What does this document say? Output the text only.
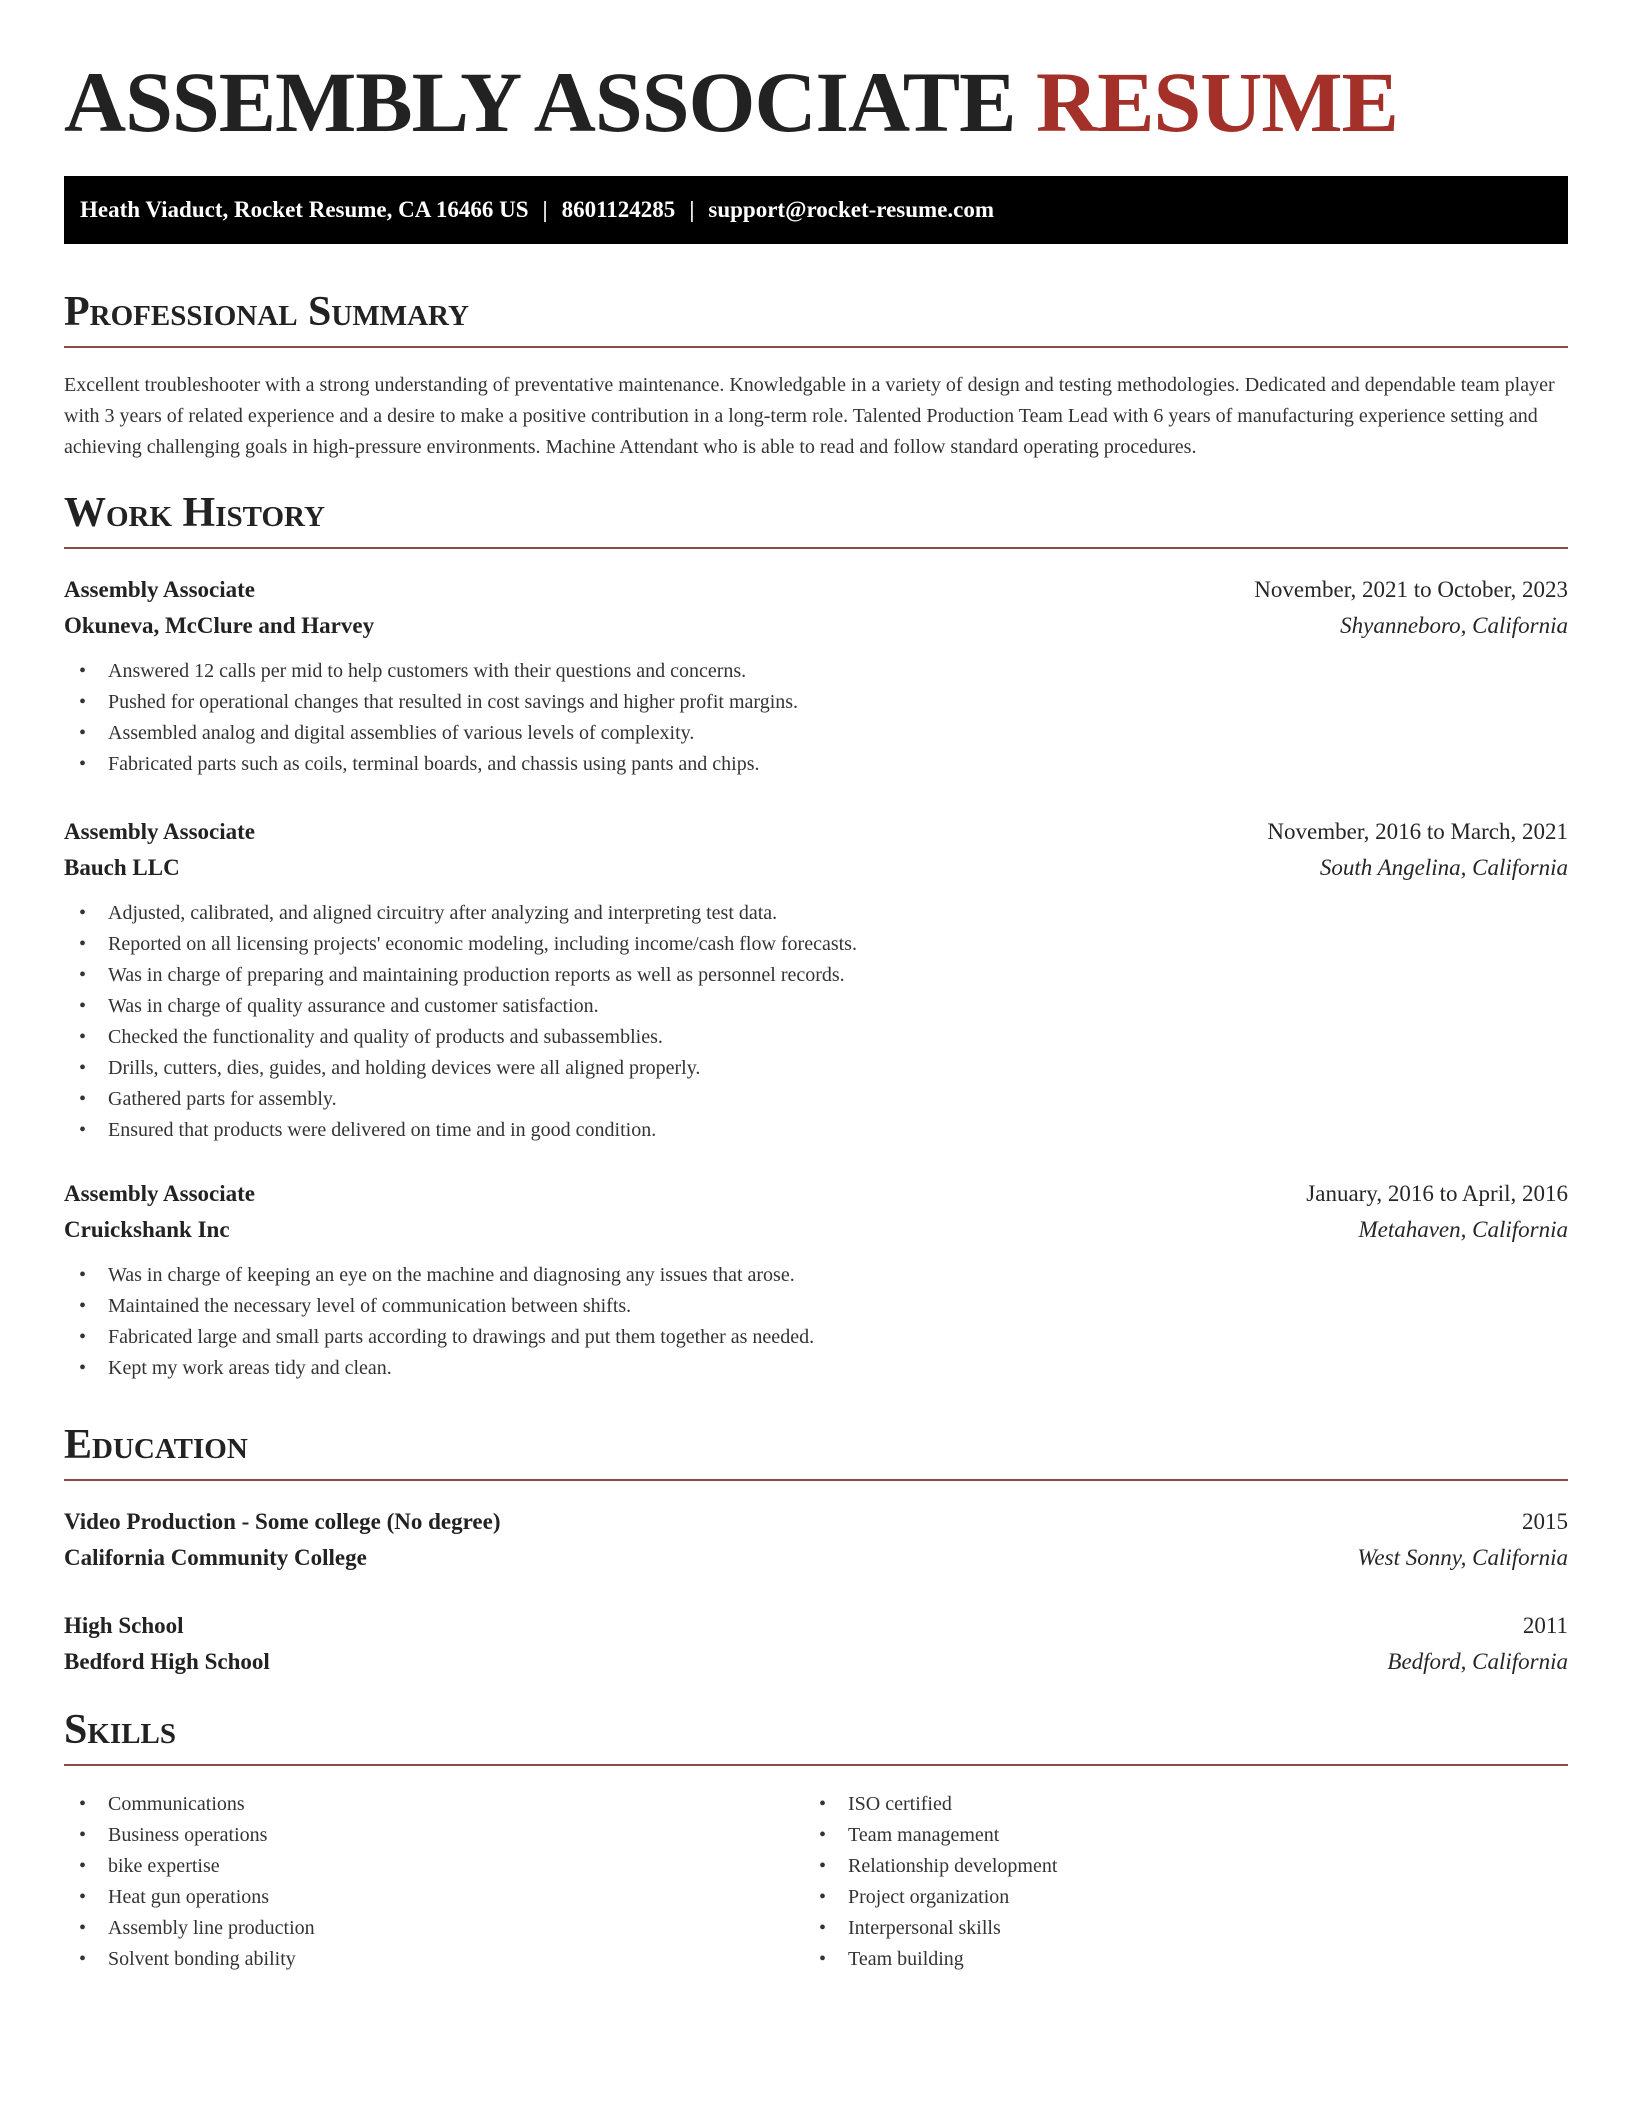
ASSEMBLY ASSOCIATE RESUME
Heath Viaduct, Rocket Resume, CA 16466 US | 8601124285 | support@rocket-resume.com
Professional Summary

Excellent troubleshooter with a strong understanding of preventative maintenance. Knowledgable in a variety of design and testing methodologies. Dedicated and dependable team player with 3 years of related experience and a desire to make a positive contribution in a long-term role. Talented Production Team Lead with 6 years of manufacturing experience setting and achieving challenging goals in high-pressure environments. Machine Attendant who is able to read and follow standard operating procedures.

Work History
Assembly Associate	November, 2021 to October, 2023
Okuneva, McClure and Harvey	Shyanneboro, California
• Answered 12 calls per mid to help customers with their questions and concerns.
• Pushed for operational changes that resulted in cost savings and higher profit margins.
• Assembled analog and digital assemblies of various levels of complexity.
• Fabricated parts such as coils, terminal boards, and chassis using pants and chips.
Assembly Associate	November, 2016 to March, 2021
Bauch LLC	South Angelina, California
• Adjusted, calibrated, and aligned circuitry after analyzing and interpreting test data.
• Reported on all licensing projects' economic modeling, including income/cash flow forecasts.
• Was in charge of preparing and maintaining production reports as well as personnel records.
• Was in charge of quality assurance and customer satisfaction.
• Checked the functionality and quality of products and subassemblies.
• Drills, cutters, dies, guides, and holding devices were all aligned properly.
• Gathered parts for assembly.
• Ensured that products were delivered on time and in good condition.
Assembly Associate	January, 2016 to April, 2016
Cruickshank Inc	Metahaven, California
• Was in charge of keeping an eye on the machine and diagnosing any issues that arose.
• Maintained the necessary level of communication between shifts.
• Fabricated large and small parts according to drawings and put them together as needed.
• Kept my work areas tidy and clean.
Education
Video Production - Some college (No degree)	2015
California Community College	West Sonny, California
High School	2011
Bedford High School	Bedford, California
Skills
• Communications
• Business operations
• bike expertise
• Heat gun operations
• Assembly line production
• Solvent bonding ability
• ISO certified
• Team management
• Relationship development
• Project organization
• Interpersonal skills
• Team building
